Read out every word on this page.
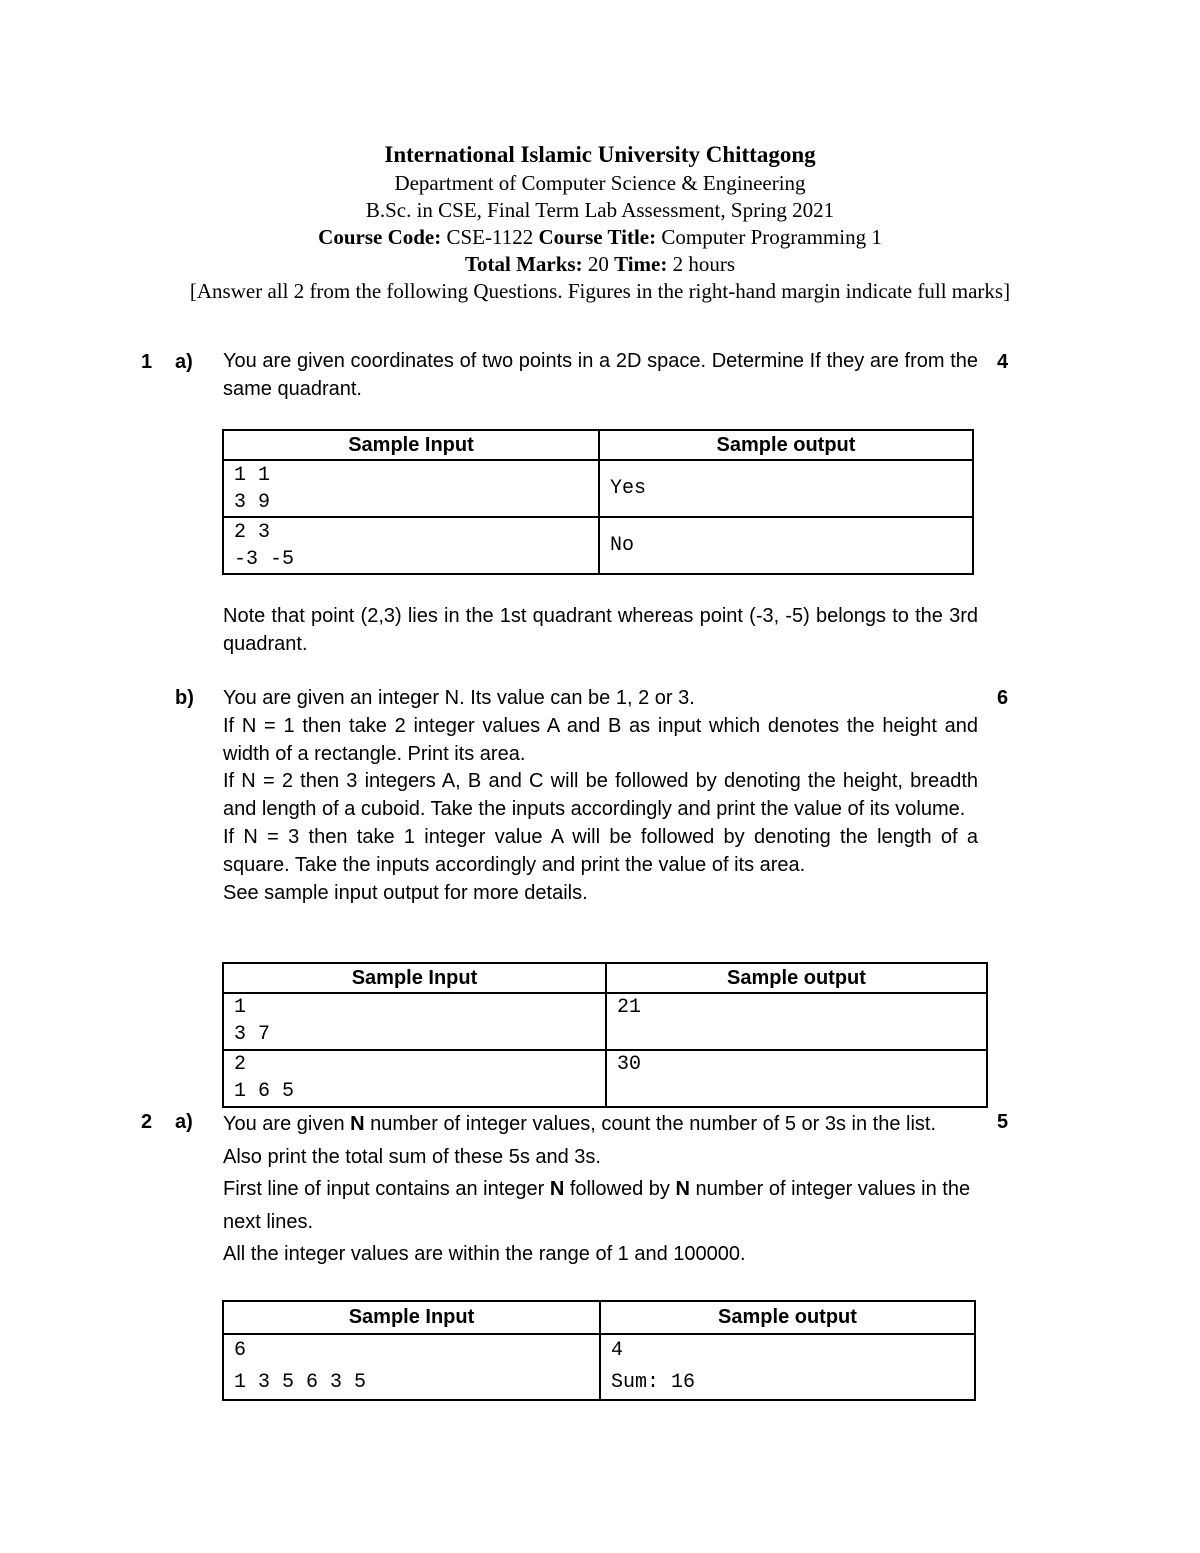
International Islamic University Chittagong
Department of Computer Science & Engineering
B.Sc. in CSE, Final Term Lab Assessment, Spring 2021
Course Code: CSE-1122 Course Title: Computer Programming 1
Total Marks: 20 Time: 2 hours
[Answer all 2 from the following Questions. Figures in the right-hand margin indicate full marks]
1 a)	4
You are given coordinates of two points in a 2D space. Determine If they are from the same quadrant.
Sample Input	Sample output

1 1
3 9	Yes

2 3
-3 -5	No
Note that point (2,3) lies in the 1st quadrant whereas point (-3, -5) belongs to the 3rd quadrant.
b)	6

You are given an integer N. Its value can be 1, 2 or 3.

If N = 1 then take 2 integer values A and B as input which denotes the height and width of a rectangle. Print its area.

If N = 2 then 3 integers A, B and C will be followed by denoting the height, breadth and length of a cuboid. Take the inputs accordingly and print the value of its volume.

If N = 3 then take 1 integer value A will be followed by denoting the length of a square. Take the inputs accordingly and print the value of its area.

See sample input output for more details.

Sample Input	Sample output

1
3 7	21

2
1 6 5	30
2 a)	5

You are given N number of integer values, count the number of 5 or 3s in the list. Also print the total sum of these 5s and 3s.

First line of input contains an integer N followed by N number of integer values in the next lines.

All the integer values are within the range of 1 and 100000.

Sample Input	Sample output

6
1 3 5 6 3 5	4
Sum: 16
